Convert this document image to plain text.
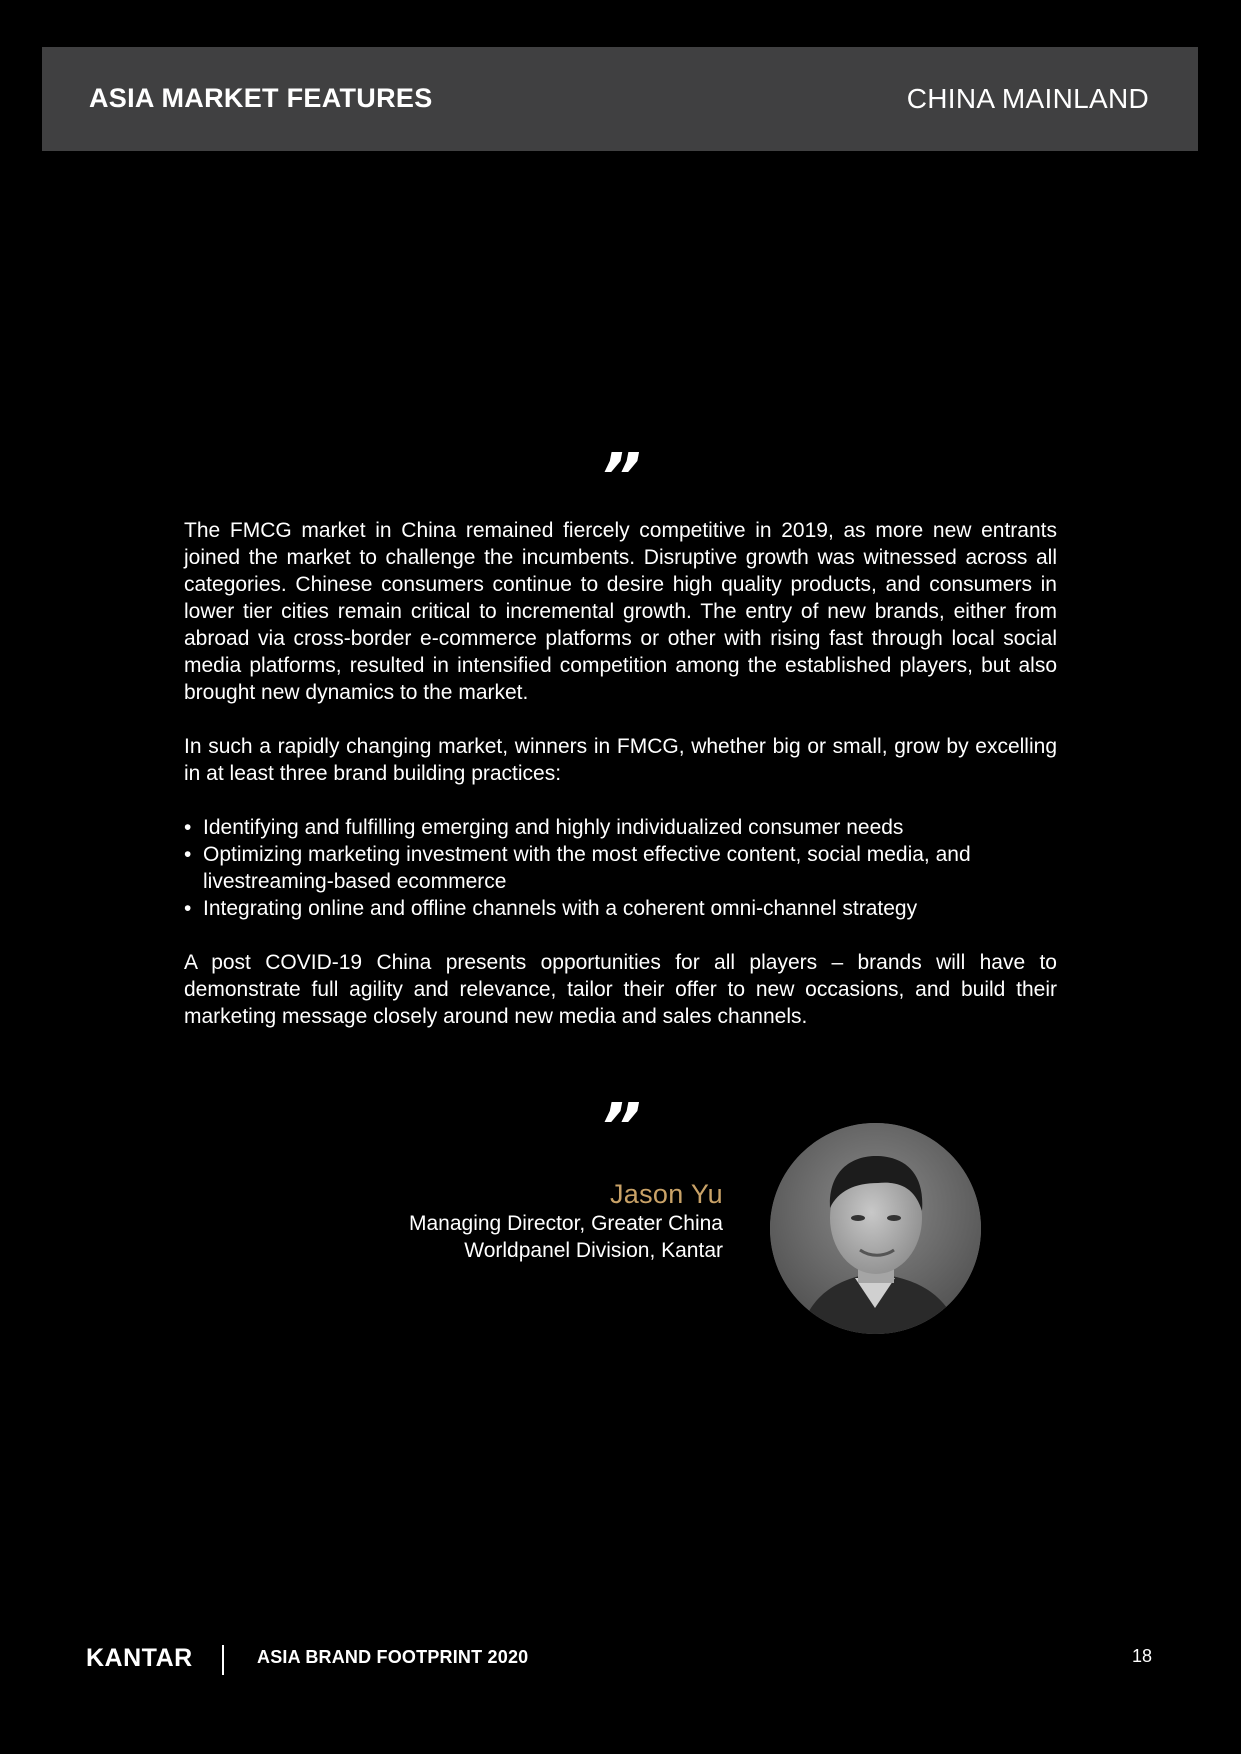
ASIA MARKET FEATURES	CHINA MAINLAND
”

The FMCG market in China remained fiercely competitive in 2019, as more new entrants joined the market to challenge the incumbents. Disruptive growth was witnessed across all categories. Chinese consumers continue to desire high quality products, and consumers in lower tier cities remain critical to incremental growth. The entry of new brands, either from abroad via cross-border e-commerce platforms or other with rising fast through local social media platforms, resulted in intensified competition among the established players, but also brought new dynamics to the market.

In such a rapidly changing market, winners in FMCG, whether big or small, grow by excelling in at least three brand building practices:

• Identifying and fulfilling emerging and highly individualized consumer needs
• Optimizing marketing investment with the most effective content, social media, and livestreaming-based ecommerce
• Integrating online and offline channels with a coherent omni-channel strategy

A post COVID-19 China presents opportunities for all players – brands will have to demonstrate full agility and relevance, tailor their offer to new occasions, and build their marketing message closely around new media and sales channels.

”
Jason Yu
Managing Director, Greater China
Worldpanel Division, Kantar
KANTAR	ASIA BRAND FOOTPRINT 2020	18
